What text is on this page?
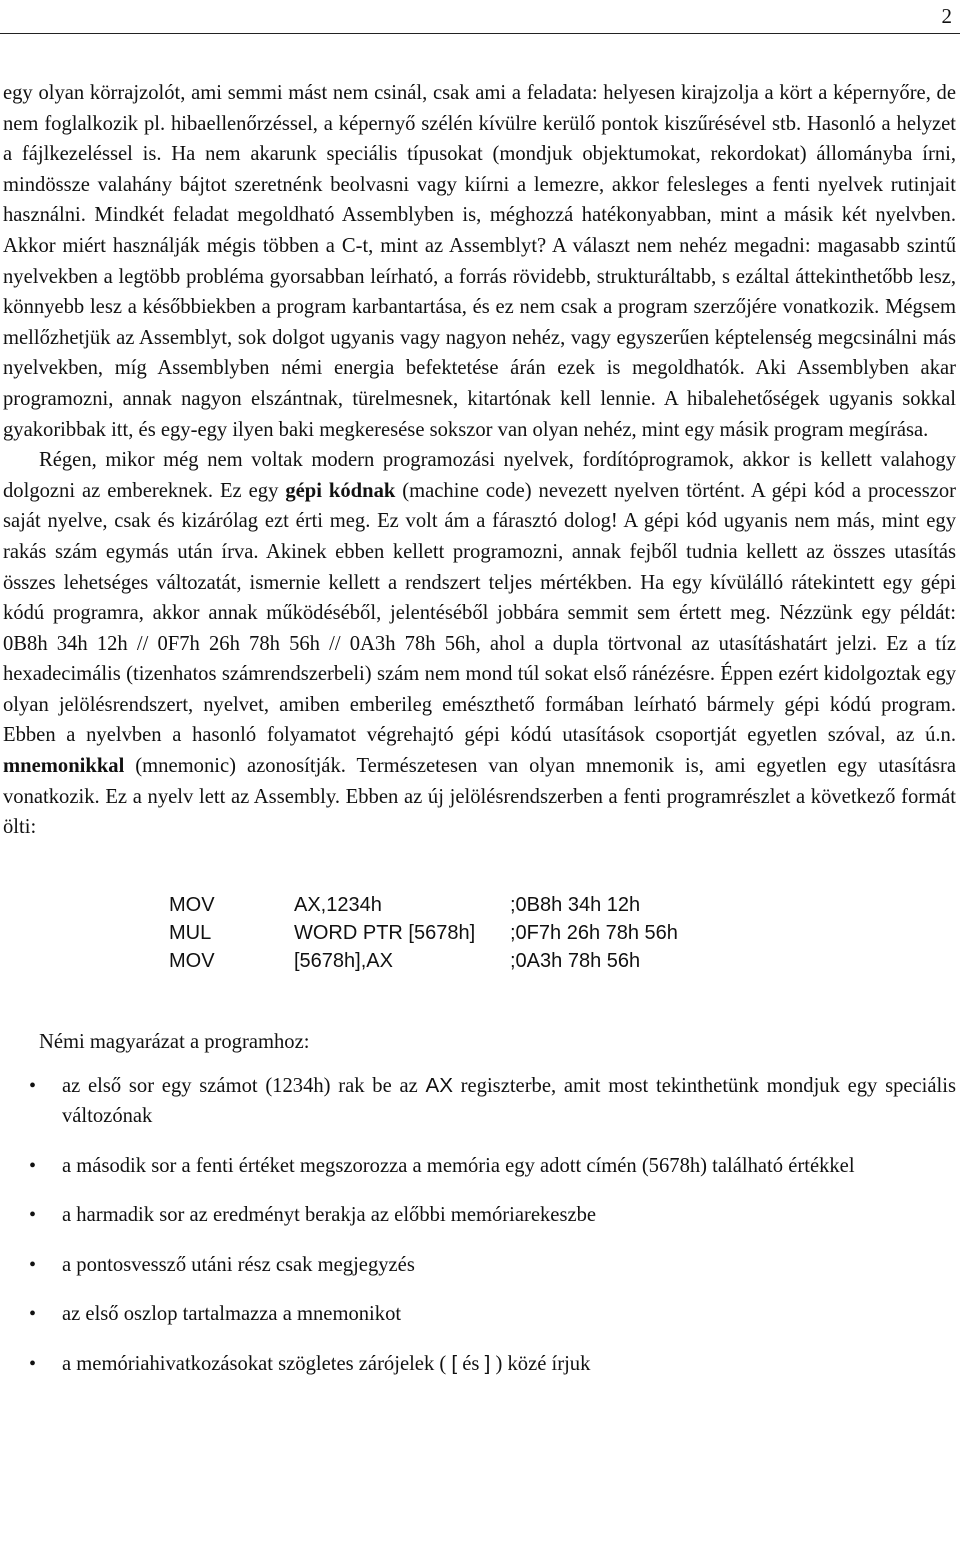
2

egy olyan körrajzolót, ami semmi mást nem csinál, csak ami a feladata: helyesen kirajzolja a kört a képernyőre, de nem foglalkozik pl. hibaellenőrzéssel, a képernyő szélén kívülre kerülő pontok kiszűrésével stb. Hasonló a helyzet a fájlkezeléssel is. Ha nem akarunk speciális típusokat (mondjuk objektumokat, rekordokat) állományba írni, mindössze valahány bájtot szeretnénk beolvasni vagy kiírni a lemezre, akkor felesleges a fenti nyelvek rutinjait használni. Mindkét feladat megoldható Assemblyben is, méghozzá hatékonyabban, mint a másik két nyelvben. Akkor miért használják mégis többen a C-t, mint az Assemblyt? A választ nem nehéz megadni: magasabb szintű nyelvekben a legtöbb probléma gyorsabban leírható, a forrás rövidebb, strukturáltabb, s ezáltal áttekinthetőbb lesz, könnyebb lesz a későbbiekben a program karbantartása, és ez nem csak a program szerzőjére vonatkozik. Mégsem mellőzhetjük az Assemblyt, sok dolgot ugyanis vagy nagyon nehéz, vagy egyszerűen képtelenség megcsinálni más nyelvekben, míg Assemblyben némi energia befektetése árán ezek is megoldhatók. Aki Assemblyben akar programozni, annak nagyon elszántnak, türelmesnek, kitartónak kell lennie. A hibalehetőségek ugyanis sokkal gyakoribbak itt, és egy-egy ilyen baki megkeresése sokszor van olyan nehéz, mint egy másik program megírása.

Régen, mikor még nem voltak modern programozási nyelvek, fordítóprogramok, akkor is kellett valahogy dolgozni az embereknek. Ez egy gépi kódnak (machine code) nevezett nyelven történt. A gépi kód a processzor saját nyelve, csak és kizárólag ezt érti meg. Ez volt ám a fárasztó dolog! A gépi kód ugyanis nem más, mint egy rakás szám egymás után írva. Akinek ebben kellett programozni, annak fejből tudnia kellett az összes utasítás összes lehetséges változatát, ismernie kellett a rendszert teljes mértékben. Ha egy kívülálló rátekintett egy gépi kódú programra, akkor annak működéséből, jelentéséből jobbára semmit sem értett meg. Nézzünk egy példát: 0B8h 34h 12h // 0F7h 26h 78h 56h // 0A3h 78h 56h, ahol a dupla törtvonal az utasításhatárt jelzi. Ez a tíz hexadecimális (tizenhatos számrendszerbeli) szám nem mond túl sokat első ránézésre. Éppen ezért kidolgoztak egy olyan jelölésrendszert, nyelvet, amiben emberileg emészthető formában leírható bármely gépi kódú program. Ebben a nyelvben a hasonló folyamatot végrehajtó gépi kódú utasítások csoportját egyetlen szóval, az ú.n. mnemonikkal (mnemonic) azonosítják. Természetesen van olyan mnemonik is, ami egyetlen egy utasításra vonatkozik. Ez a nyelv lett az Assembly. Ebben az új jelölésrendszerben a fenti programrészlet a következő formát ölti:

MOV	AX,1234h	;0B8h 34h 12h
MUL	WORD PTR [5678h]	;0F7h 26h 78h 56h
MOV	[5678h],AX	;0A3h 78h 56h

Némi magyarázat a programhoz:

• az első sor egy számot (1234h) rak be az AX regiszterbe, amit most tekinthetünk mondjuk egy speciális változónak
• a második sor a fenti értéket megszorozza a memória egy adott címén (5678h) található értékkel
• a harmadik sor az eredményt berakja az előbbi memóriarekeszbe
• a pontosvessző utáni rész csak megjegyzés
• az első oszlop tartalmazza a mnemonikot
• a memóriahivatkozásokat szögletes zárójelek ( [ és ] ) közé írjuk
